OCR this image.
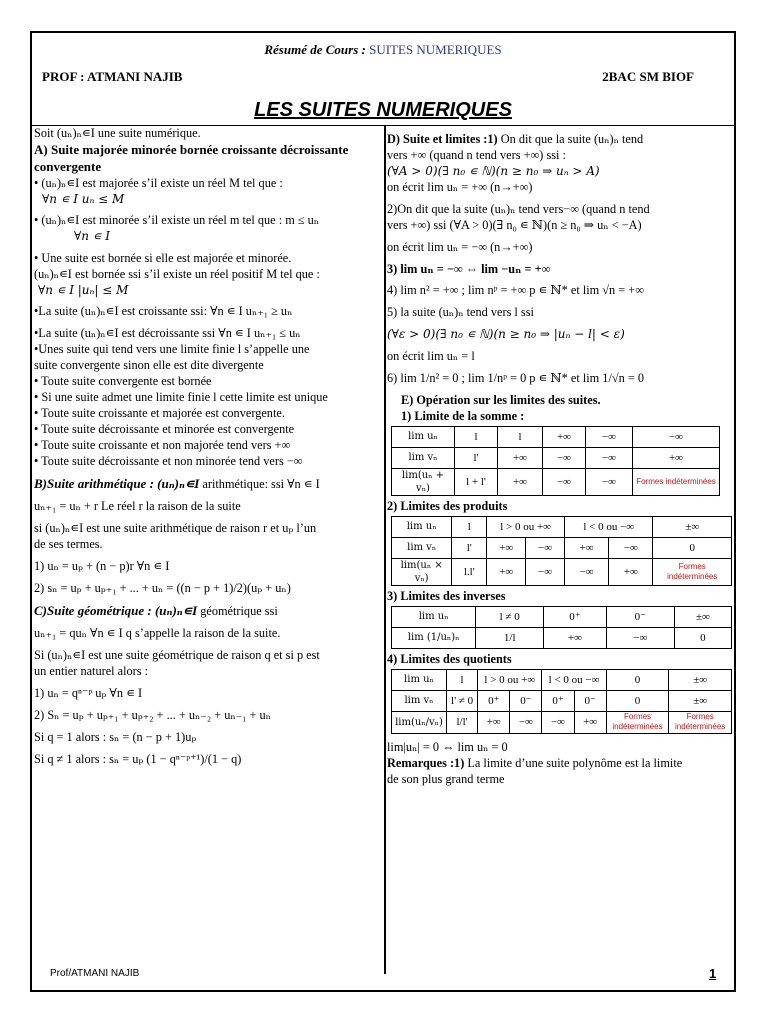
Résumé de Cours : SUITES NUMERIQUES
PROF : ATMANI NAJIB	2BAC SM BIOF
LES SUITES NUMERIQUES
Soit (uₙ)ₙ∊I une suite numérique.
A) Suite majorée minorée bornée croissante décroissante convergente
• (uₙ)ₙ∊I est majorée s’il existe un réel M tel que :
∀n ∊ I uₙ ≤ M
• (uₙ)ₙ∊I est minorée s’il existe un réel m tel que : m ≤ uₙ
∀n ∊ I
• Une suite est bornée si elle est majorée et minorée.
(uₙ)ₙ∊I est bornée ssi s’il existe un réel positif M tel que :
∀n ∊ I |uₙ| ≤ M
•La suite (uₙ)ₙ∊I est croissante ssi: ∀n ∊ I uₙ₊₁ ≥ uₙ
•La suite (uₙ)ₙ∊I est décroissante ssi ∀n ∊ I uₙ₊₁ ≤ uₙ
•Unes suite qui tend vers une limite finie l s’appelle une
suite convergente sinon elle est dite divergente
• Toute suite convergente est bornée
• Si une suite admet une limite finie l cette limite est unique
• Toute suite croissante et majorée est convergente.
• Toute suite décroissante et minorée est convergente
• Toute suite croissante et non majorée tend vers +∞
• Toute suite décroissante et non minorée tend vers −∞
B)Suite arithmétique : (uₙ)ₙ∊I arithmétique: ssi ∀n ∊ I
uₙ₊₁ = uₙ + r Le réel r la raison de la suite
si (uₙ)ₙ∊I est une suite arithmétique de raison r et uₚ l’un
de ses termes.
1) uₙ = uₚ + (n − p)r ∀n ∊ I
2) sₙ = uₚ + uₚ₊₁ + ... + uₙ = ((n − p + 1)/2)(uₚ + uₙ)
C)Suite géométrique : (uₙ)ₙ∊I géométrique ssi
uₙ₊₁ = quₙ ∀n ∊ I q s’appelle la raison de la suite.
Si (uₙ)ₙ∊I est une suite géométrique de raison q et si p est
un entier naturel alors :
1) uₙ = qⁿ⁻ᵖ uₚ ∀n ∊ I
2) Sₙ = uₚ + uₚ₊₁ + uₚ₊₂ + ... + uₙ₋₂ + uₙ₋₁ + uₙ
Si q = 1 alors : sₙ = (n − p + 1)uₚ
Si q ≠ 1 alors : sₙ = uₚ (1 − qⁿ⁻ᵖ⁺¹)/(1 − q)
D) Suite et limites :1) On dit que la suite (uₙ)ₙ tend
vers +∞ (quand n tend vers +∞) ssi :
(∀A > 0)(∃ n₀ ∊ ℕ)(n ≥ n₀ ⇒ uₙ > A)
on écrit lim uₙ = +∞ (n→+∞)
2)On dit que la suite (uₙ)ₙ tend vers−∞ (quand n tend
vers +∞) ssi (∀A > 0)(∃ n₀ ∊ ℕ)(n ≥ n₀ ⇒ uₙ < −A)
on écrit lim uₙ = −∞ (n→+∞)
3) lim uₙ = −∞ ⇔ lim −uₙ = +∞
4) lim n² = +∞ ; lim nᵖ = +∞ p ∊ ℕ* et lim √n = +∞
5) la suite (uₙ)ₙ tend vers l ssi
(∀ε > 0)(∃ n₀ ∊ ℕ)(n ≥ n₀ ⇒ |uₙ − l| < ε)
on écrit lim uₙ = l
6) lim 1/n² = 0 ; lim 1/nᵖ = 0 p ∊ ℕ* et lim 1/√n = 0
E) Opération sur les limites des suites.
1) Limite de la somme :
lim uₙ	l	l	+∞	−∞	−∞
lim vₙ	l'	+∞	−∞	−∞	+∞
lim(uₙ + vₙ)	l + l'	+∞	−∞	−∞	Formes indéterminées
2) Limites des produits
lim uₙ	l	l > 0 ou +∞		l < 0 ou −∞		±∞
lim vₙ	l'	+∞	−∞	+∞	−∞	0
lim(uₙ × vₙ)	l.l'	+∞	−∞	−∞	+∞	Formes indéterminées
3) Limites des inverses
lim uₙ	l ≠ 0	0⁺	0⁻	±∞
lim (1/uₙ)ₙ	1/l	+∞	−∞	0
4) Limites des quotients
lim uₙ	l	l > 0 ou +∞		l < 0 ou −∞		0	±∞
lim vₙ	l' ≠ 0	0⁺	0⁻	0⁺	0⁻	0	±∞
lim(uₙ/vₙ)	l/l'	+∞	−∞	−∞	+∞	Formes indéterminées	Formes indéterminées
lim|uₙ| = 0 ⇔ lim uₙ = 0
Remarques :1) La limite d’une suite polynôme est la limite
de son plus grand terme
Prof/ATMANI NAJIB	1
